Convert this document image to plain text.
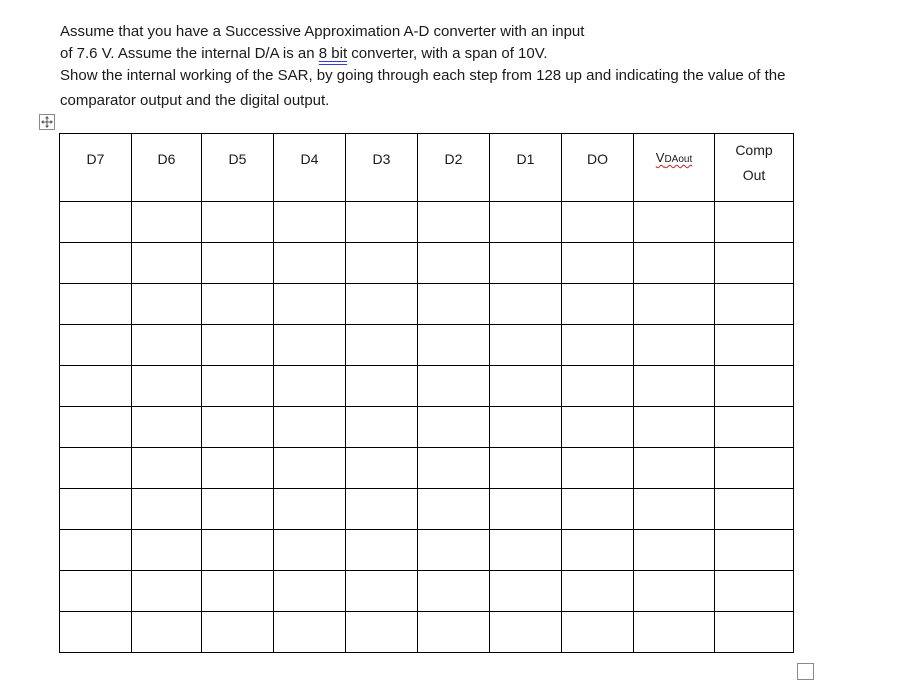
Assume that you have a Successive Approximation A-D converter with an input
of 7.6 V. Assume the internal D/A is an 8 bit converter, with a span of 10V.
Show the internal working of the SAR, by going through each step from 128 up and indicating the value of the
comparator output and the digital output.
D7	D6	D5	D4	D3	D2	D1	DO	VDAout	Comp
Out
